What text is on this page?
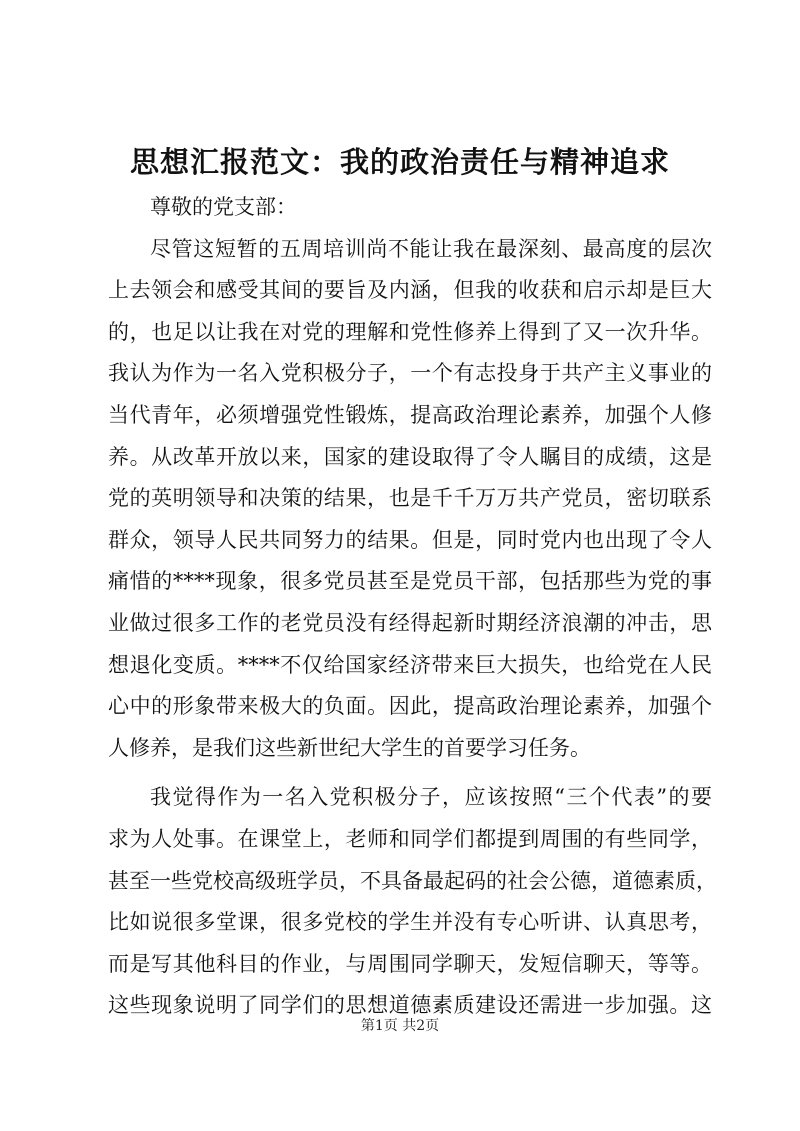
思想汇报范文：我的政治责任与精神追求
尊敬的党支部：
尽管这短暂的五周培训尚不能让我在最深刻、最高度的层次
上去领会和感受其间的要旨及内涵，但我的收获和启示却是巨大
的，也足以让我在对党的理解和党性修养上得到了又一次升华。
我认为作为一名入党积极分子，一个有志投身于共产主义事业的
当代青年，必须增强党性锻炼，提高政治理论素养，加强个人修
养。从改革开放以来，国家的建设取得了令人瞩目的成绩，这是
党的英明领导和决策的结果，也是千千万万共产党员，密切联系
群众，领导人民共同努力的结果。但是，同时党内也出现了令人
痛惜的****现象，很多党员甚至是党员干部，包括那些为党的事
业做过很多工作的老党员没有经得起新时期经济浪潮的冲击，思
想退化变质。****不仅给国家经济带来巨大损失，也给党在人民
心中的形象带来极大的负面。因此，提高政治理论素养，加强个
人修养，是我们这些新世纪大学生的首要学习任务。
我觉得作为一名入党积极分子，应该按照“三个代表”的要
求为人处事。在课堂上，老师和同学们都提到周围的有些同学，
甚至一些党校高级班学员，不具备最起码的社会公德，道德素质，
比如说很多堂课，很多党校的学生并没有专心听讲、认真思考，
而是写其他科目的作业，与周围同学聊天，发短信聊天，等等。
这些现象说明了同学们的思想道德素质建设还需进一步加强。这
第1页 共2页
